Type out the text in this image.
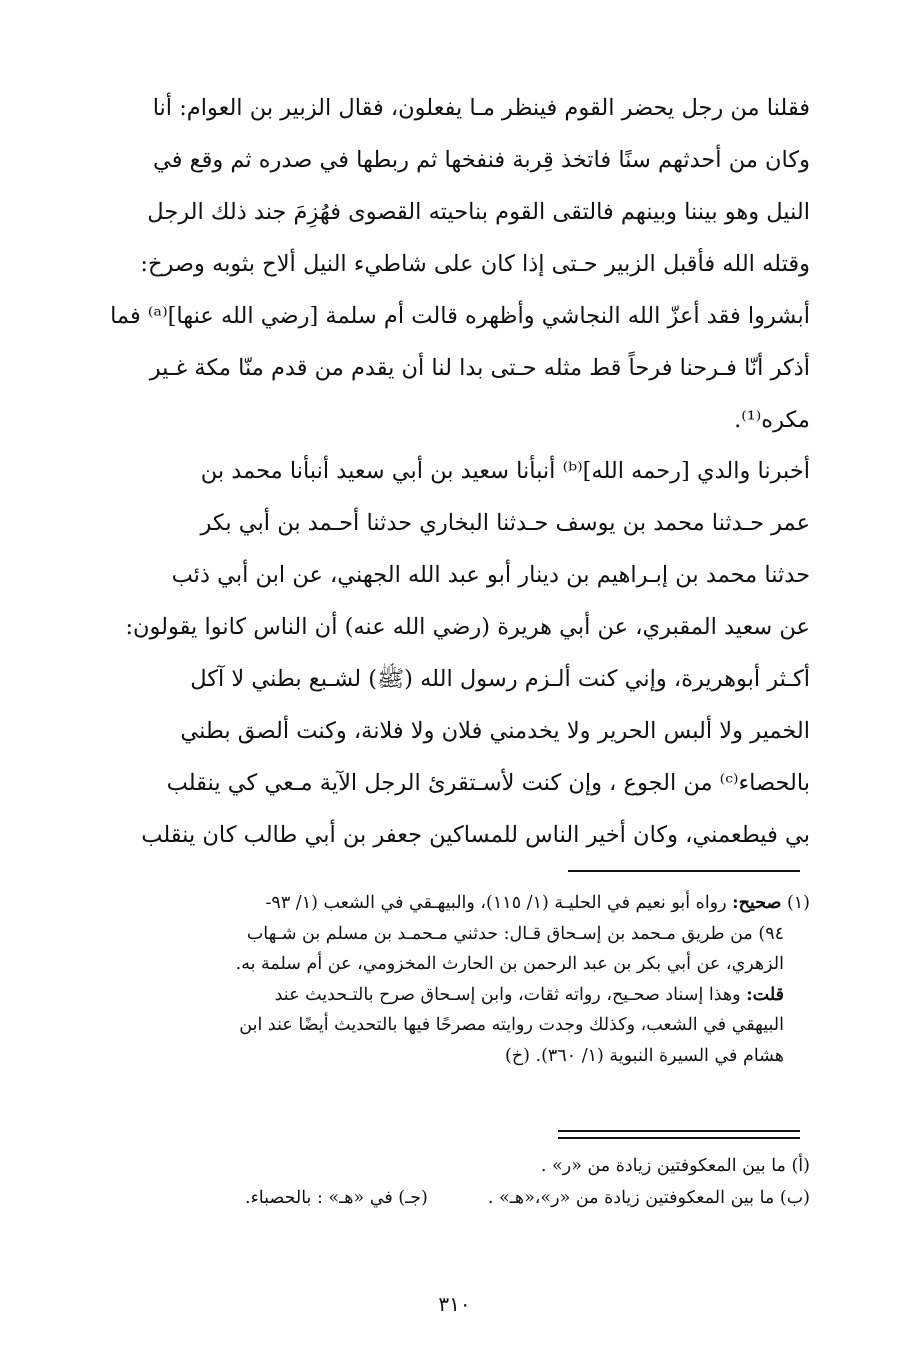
فقلنا من رجل يحضر القوم فينظر مـا يفعلون، فقال الزبير بن العوام: أنا
وكان من أحدثهم سنًا فاتخذ قِربة فنفخها ثم ربطها في صدره ثم وقع في
النيل وهو بيننا وبينهم فالتقى القوم بناحيته القصوى فهُزِمَ جند ذلك الرجل
وقتله الله فأقبل الزبير حـتى إذا كان على شاطيء النيل ألاح بثوبه وصرخ:
أبشروا فقد أعزّ الله النجاشي وأظهره قالت أم سلمة [رضي الله عنها]⁽ᵃ⁾ فما
أذكر أنّا فـرحنا فرحاً قط مثله حـتى بدا لنا أن يقدم من قدم منّا مكة غـير
مكره⁽¹⁾.
أخبرنا والدي [رحمه الله]⁽ᵇ⁾ أنبأنا سعيد بن أبي سعيد أنبأنا محمد بن
عمر حـدثنا محمد بن يوسف حـدثنا البخاري حدثنا أحـمد بن أبي بكر
حدثنا محمد بن إبـراهيم بن دينار أبو عبد الله الجهني، عن ابن أبي ذئب
عن سعيد المقبري، عن أبي هريرة (رضي الله عنه) أن الناس كانوا يقولون:
أكـثر أبوهريرة، وإني كنت ألـزم رسول الله (ﷺ) لشـبع بطني لا آكل
الخمير ولا ألبس الحرير ولا يخدمني فلان ولا فلانة، وكنت ألصق بطني
بالحصاء⁽ᶜ⁾ من الجوع ، وإن كنت لأسـتقرئ الرجل الآية مـعي كي ينقلب
بي فيطعمني، وكان أخير الناس للمساكين جعفر بن أبي طالب كان ينقلب
(١) صحيح: رواه أبو نعيم في الحليـة (١/ ١١٥)، والبيهـقي في الشعب (١/ ٩٣-
٩٤) من طريق مـحمد بن إسـحاق قـال: حدثني مـحمـد بن مسلم بن شـهاب
الزهري، عن أبي بكر بن عبد الرحمن بن الحارث المخزومي، عن أم سلمة به.
قلت: وهذا إسناد صحـيح، رواته ثقات، وابن إسـحاق صرح بالتـحديث عند
البيهقي في الشعب، وكذلك وجدت روايته مصرحًا فيها بالتحديث أيضًا عند ابن
هشام في السيرة النبوية (١/ ٣٦٠). (خ)
(أ) ما بين المعكوفتين زيادة من «ر» .
(ب) ما بين المعكوفتين زيادة من «ر»،«هـ» .(جـ) في «هـ» : بالحصباء.
٣١٠
